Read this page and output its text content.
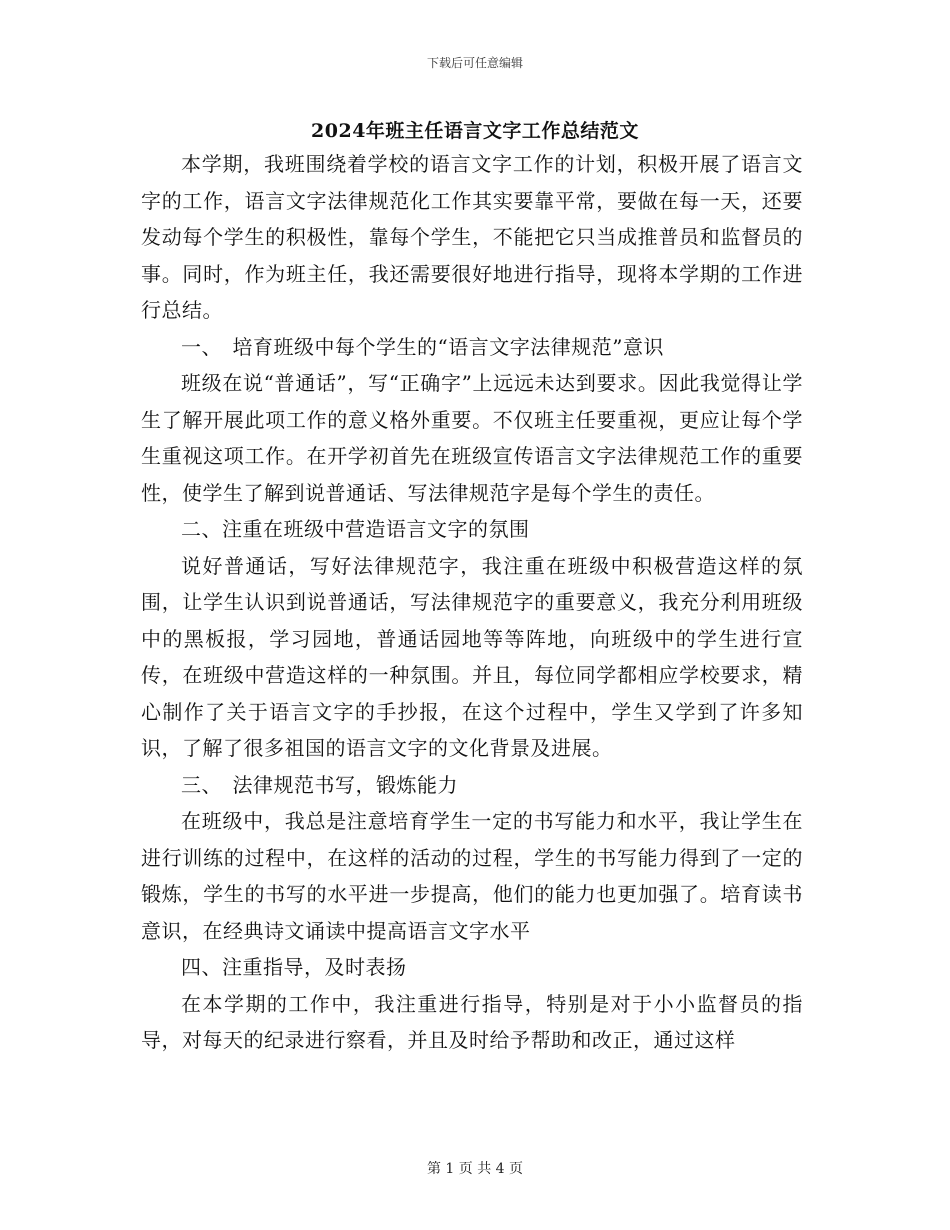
下载后可任意编辑
2024年班主任语言文字工作总结范文

本学期，我班围绕着学校的语言文字工作的计划，积极开展了语言文字的工作，语言文字法律规范化工作其实要靠平常，要做在每一天，还要发动每个学生的积极性，靠每个学生，不能把它只当成推普员和监督员的事。同时，作为班主任，我还需要很好地进行指导，现将本学期的工作进行总结。

一、　培育班级中每个学生的“语言文字法律规范”意识

班级在说“普通话”，写“正确字”上远远未达到要求。因此我觉得让学生了解开展此项工作的意义格外重要。不仅班主任要重视，更应让每个学生重视这项工作。在开学初首先在班级宣传语言文字法律规范工作的重要性，使学生了解到说普通话、写法律规范字是每个学生的责任。

二、注重在班级中营造语言文字的氛围

说好普通话，写好法律规范字，我注重在班级中积极营造这样的氛围，让学生认识到说普通话，写法律规范字的重要意义，我充分利用班级中的黑板报，学习园地，普通话园地等等阵地，向班级中的学生进行宣传，在班级中营造这样的一种氛围。并且，每位同学都相应学校要求，精心制作了关于语言文字的手抄报，在这个过程中，学生又学到了许多知识，了解了很多祖国的语言文字的文化背景及进展。

三、　法律规范书写，锻炼能力

在班级中，我总是注意培育学生一定的书写能力和水平，我让学生在进行训练的过程中，在这样的活动的过程，学生的书写能力得到了一定的锻炼，学生的书写的水平进一步提高，他们的能力也更加强了。培育读书意识，在经典诗文诵读中提高语言文字水平

四、注重指导，及时表扬

在本学期的工作中，我注重进行指导，特别是对于小小监督员的指导，对每天的纪录进行察看，并且及时给予帮助和改正，通过这样

第 1 页 共 4 页
